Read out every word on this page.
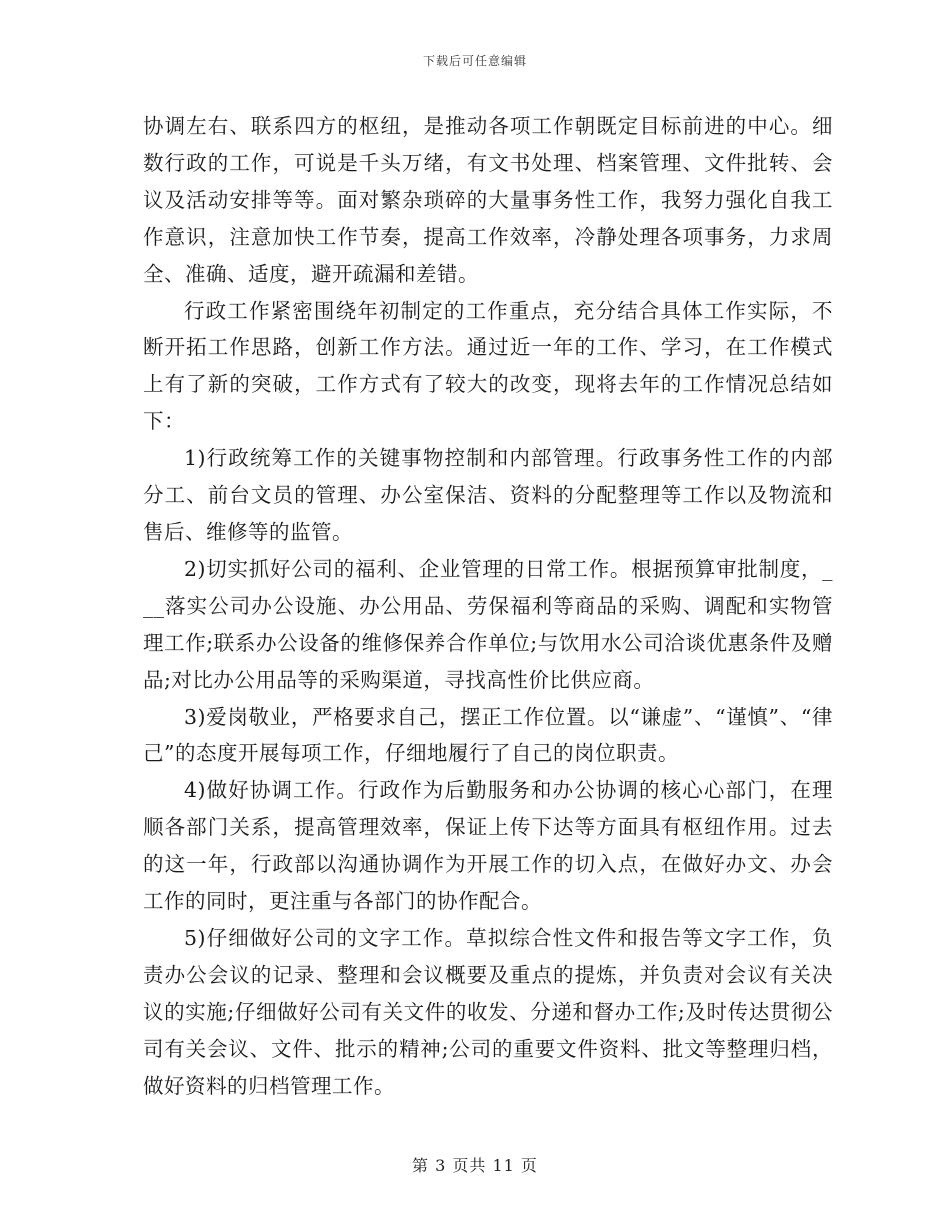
下载后可任意编辑

协调左右、联系四方的枢纽，是推动各项工作朝既定目标前进的中心。细数行政的工作，可说是千头万绪，有文书处理、档案管理、文件批转、会议及活动安排等等。面对繁杂琐碎的大量事务性工作，我努力强化自我工作意识，注意加快工作节奏，提高工作效率，冷静处理各项事务，力求周全、准确、适度，避开疏漏和差错。

行政工作紧密围绕年初制定的工作重点，充分结合具体工作实际，不断开拓工作思路，创新工作方法。通过近一年的工作、学习，在工作模式上有了新的突破，工作方式有了较大的改变，现将去年的工作情况总结如下：

1)行政统筹工作的关键事物控制和内部管理。行政事务性工作的内部分工、前台文员的管理、办公室保洁、资料的分配整理等工作以及物流和售后、维修等的监管。

2)切实抓好公司的福利、企业管理的日常工作。根据预算审批制度，___落实公司办公设施、办公用品、劳保福利等商品的采购、调配和实物管理工作;联系办公设备的维修保养合作单位;与饮用水公司洽谈优惠条件及赠品;对比办公用品等的采购渠道，寻找高性价比供应商。

3)爱岗敬业，严格要求自己，摆正工作位置。以“谦虚”、“谨慎”、“律己”的态度开展每项工作，仔细地履行了自己的岗位职责。

4)做好协调工作。行政作为后勤服务和办公协调的核心心部门，在理顺各部门关系，提高管理效率，保证上传下达等方面具有枢纽作用。过去的这一年，行政部以沟通协调作为开展工作的切入点，在做好办文、办会工作的同时，更注重与各部门的协作配合。

5)仔细做好公司的文字工作。草拟综合性文件和报告等文字工作，负责办公会议的记录、整理和会议概要及重点的提炼，并负责对会议有关决议的实施;仔细做好公司有关文件的收发、分递和督办工作;及时传达贯彻公司有关会议、文件、批示的精神;公司的重要文件资料、批文等整理归档，做好资料的归档管理工作。

第 3 页共 11 页
